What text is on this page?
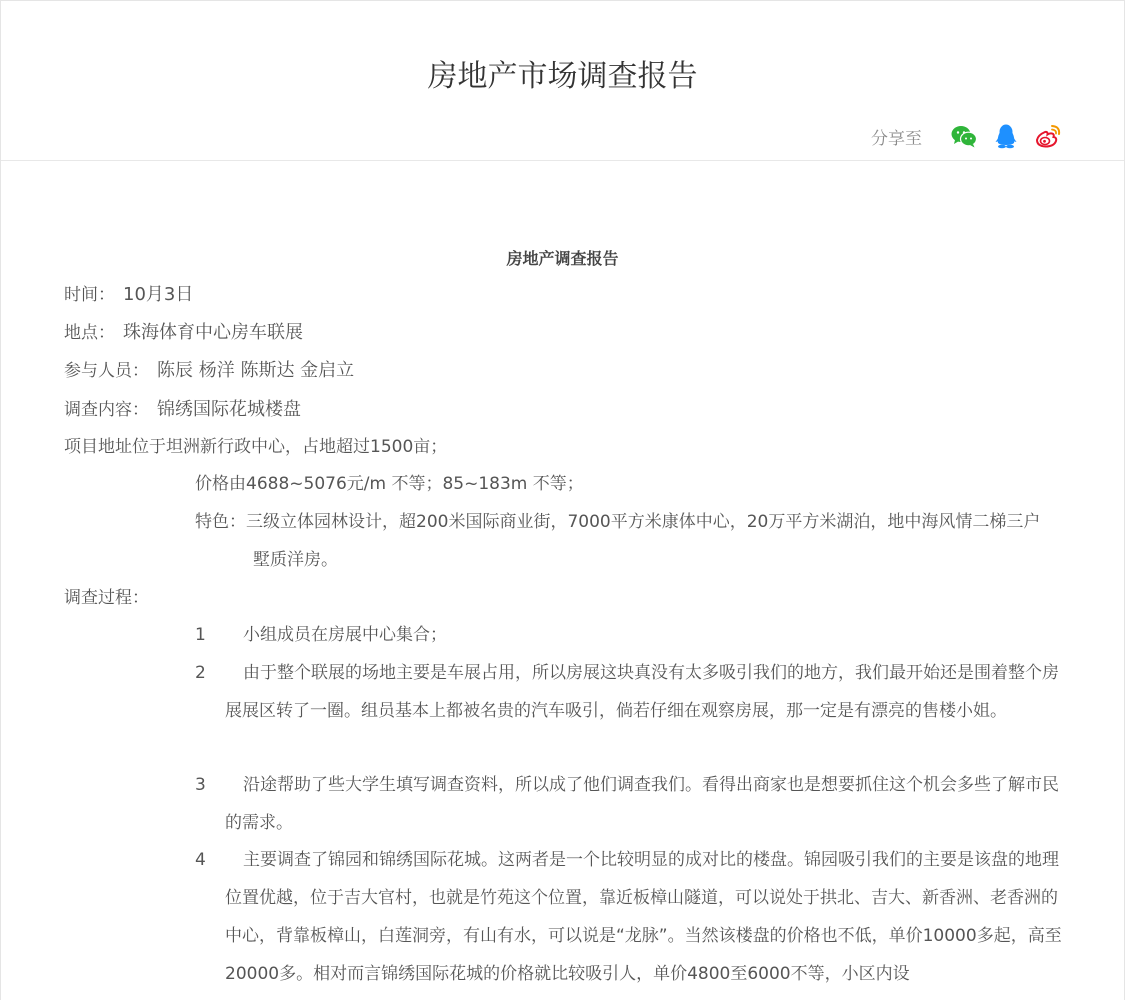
房地产市场调查报告
分享至
房地产调查报告
时间： 10月3日
地点： 珠海体育中心房车联展
参与人员： 陈辰 杨洋 陈斯达 金启立
调查内容： 锦绣国际花城楼盘
项目地址位于坦洲新行政中心，占地超过1500亩；
价格由4688~5076元/m 不等；85~183m 不等；
特色：三级立体园林设计，超200米国际商业街，7000平方米康体中心，20万平方米湖泊，地中海风情二梯三户
墅质洋房。
调查过程：
1	小组成员在房展中心集合；
2	由于整个联展的场地主要是车展占用，所以房展这块真没有太多吸引我们的地方，我们最开始还是围着整个房展展区转了一圈。组员基本上都被名贵的汽车吸引，倘若仔细在观察房展，那一定是有漂亮的售楼小姐。
3	沿途帮助了些大学生填写调查资料，所以成了他们调查我们。看得出商家也是想要抓住这个机会多些了解市民的需求。
4	主要调查了锦园和锦绣国际花城。这两者是一个比较明显的成对比的楼盘。锦园吸引我们的主要是该盘的地理位置优越，位于吉大官村，也就是竹苑这个位置，靠近板樟山隧道，可以说处于拱北、吉大、新香洲、老香洲的中心，背靠板樟山，白莲洞旁，有山有水，可以说是“龙脉”。当然该楼盘的价格也不低，单价10000多起，高至20000多。相对而言锦绣国际花城的价格就比较吸引人，单价4800至6000不等，小区内设
